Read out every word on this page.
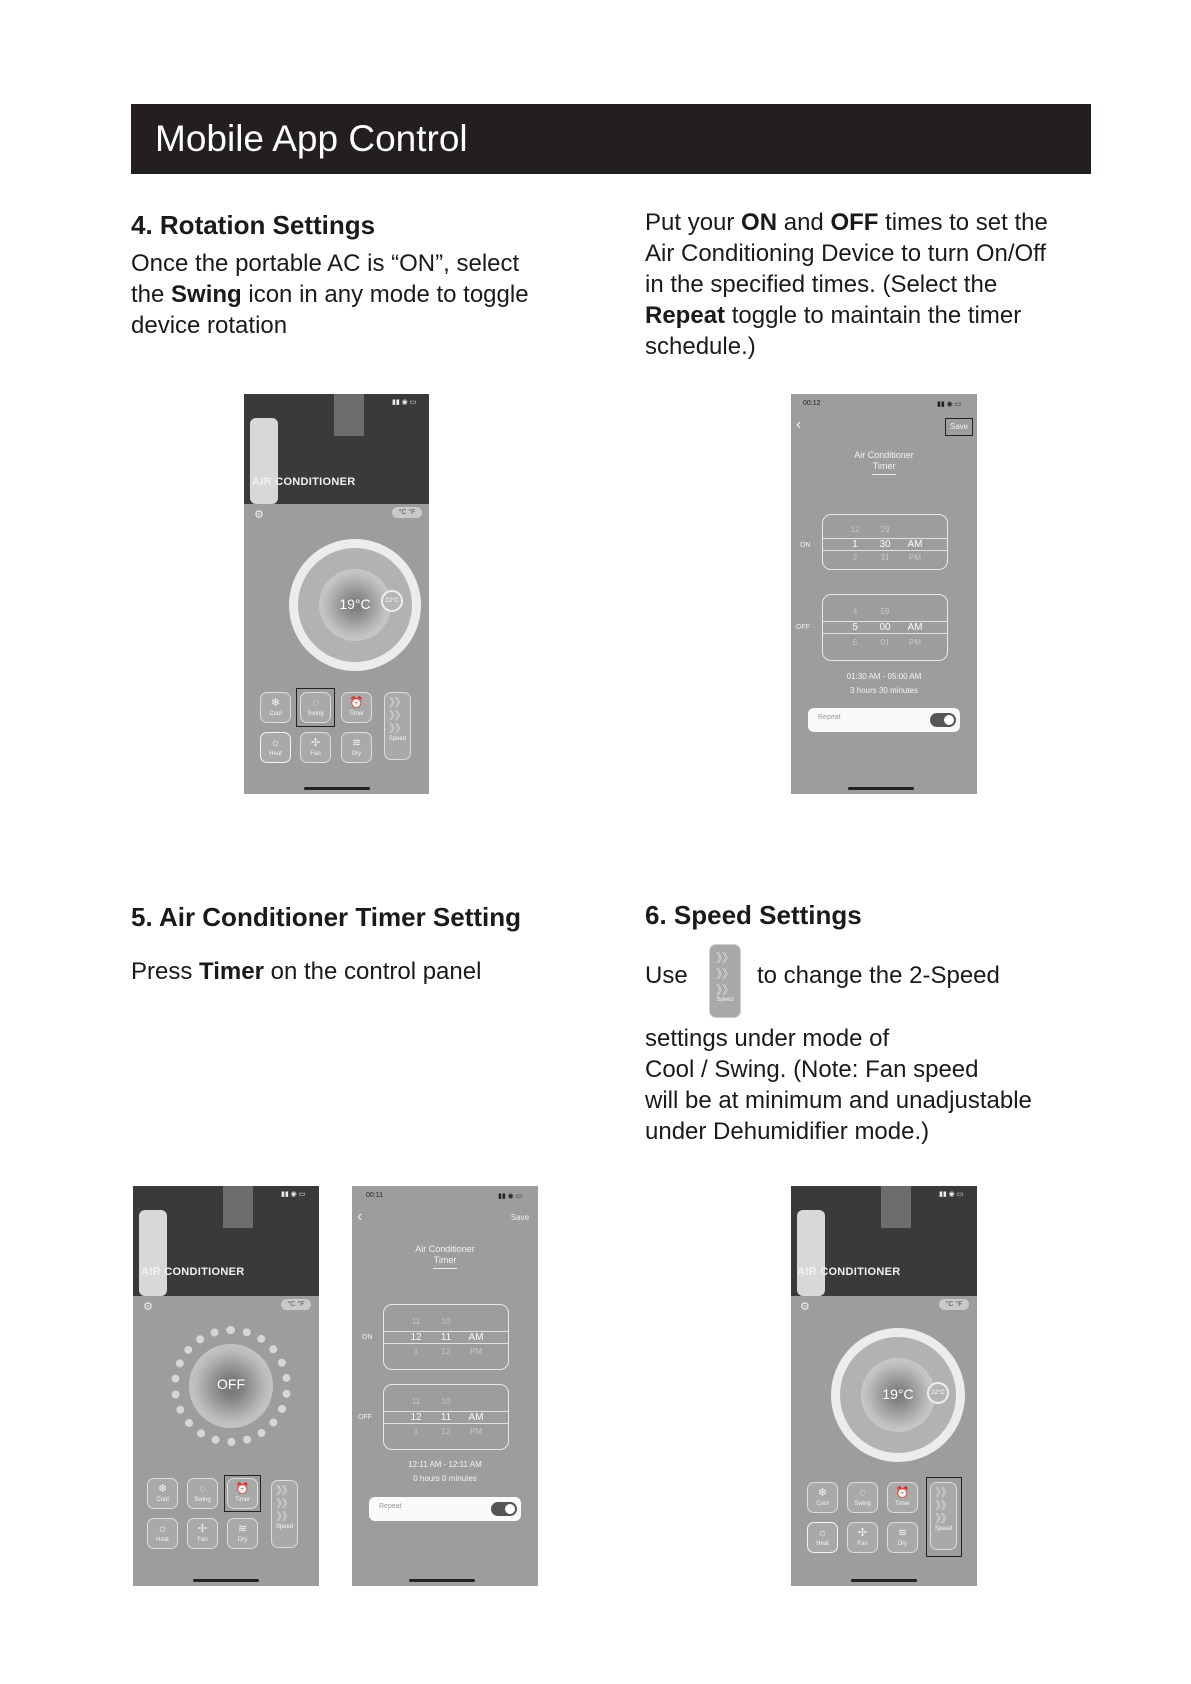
Mobile App Control
4. Rotation Settings
Once the portable AC is “ON”, select
the Swing icon in any mode to toggle
device rotation
Put your ON and OFF times to set the
Air Conditioning Device to turn On/Off
in the specified times. (Select the
Repeat toggle to maintain the timer
schedule.)
▮▮ ◉ ▭
AIR CONDITIONER
⚙	°C °F
19°C	22°C
❄
Cool
◌
Swing
⏰
Timer
☼
Heat
✢
Fan
≋
Dry
》》
》》
》》
Speed
00:12	▮▮ ◉ ▭
‹	Save
Air Conditioner
Timer
ON
12	29
1	30	AM
2	31	PM
OFF
4	59
5	00	AM
6	01	PM
01:30 AM - 05:00 AM
3 hours 30 minutes
Repeat
5. Air Conditioner Timer Setting
Press Timer on the control panel
6. Speed Settings
Use
》》
》》
》》
Speed
to change the 2-Speed
settings under mode of
Cool / Swing. (Note: Fan speed
will be at minimum and unadjustable
under Dehumidifier mode.)
▮▮ ◉ ▭
AIR CONDITIONER
⚙	°C °F
OFF
❄
Cool
◌
Swing
⏰
Timer
☼
Heat
✢
Fan
≋
Dry
》》
》》
》》
Speed
00:11	▮▮ ◉ ▭
‹	Save
Air Conditioner
Timer
ON
11	10
12	11	AM
1	12	PM
OFF
11	10
12	11	AM
1	12	PM
12:11 AM - 12:11 AM
0 hours 0 minutes
Repeat
▮▮ ◉ ▭
AIR CONDITIONER
⚙	°C °F
19°C	22°C
❄
Cool
◌
Swing
⏰
Timer
☼
Heat
✢
Fan
≋
Dry
》》
》》
》》
Speed
